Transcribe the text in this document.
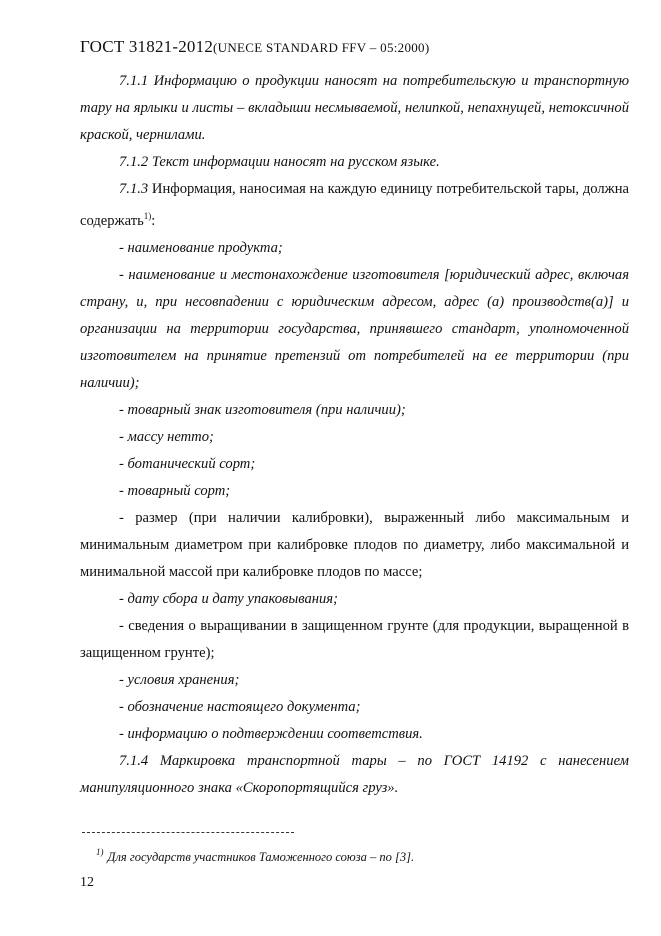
ГОСТ 31821-2012(UNECE STANDARD FFV – 05:2000)

7.1.1 Информацию о продукции наносят на потребительскую и транспортную тару на ярлыки и листы – вкладыши несмываемой, нелипкой, непахнущей, нетоксичной краской, чернилами.

7.1.2 Текст информации наносят на русском языке.

7.1.3 Информация, наносимая на каждую единицу потребительской тары, должна содержать$^{1)}$:

- наименование продукта;

- наименование и местонахождение изготовителя [юридический адрес, включая страну, и, при несовпадении с юридическим адресом, адрес (а) производств(а)] и организации на территории государства, принявшего стандарт, уполномоченной изготовителем на принятие претензий от потребителей на ее территории (при наличии);

- товарный знак изготовителя (при наличии);

- массу нетто;

- ботанический сорт;

- товарный сорт;

- размер (при наличии калибровки), выраженный либо максимальным и минимальным диаметром при калибровке плодов по диаметру, либо максимальной и минимальной массой при калибровке плодов по массе;

- дату сбора и дату упаковывания;

- сведения о выращивании в защищенном грунте (для продукции, выращенной в защищенном грунте);

- условия хранения;

- обозначение настоящего документа;

- информацию о подтверждении соответствия.

7.1.4 Маркировка транспортной тары – по ГОСТ 14192 с нанесением манипуляционного знака «Скоропортящийся груз».

$^{1)}$ Для государств участников Таможенного союза – по [3].
12
